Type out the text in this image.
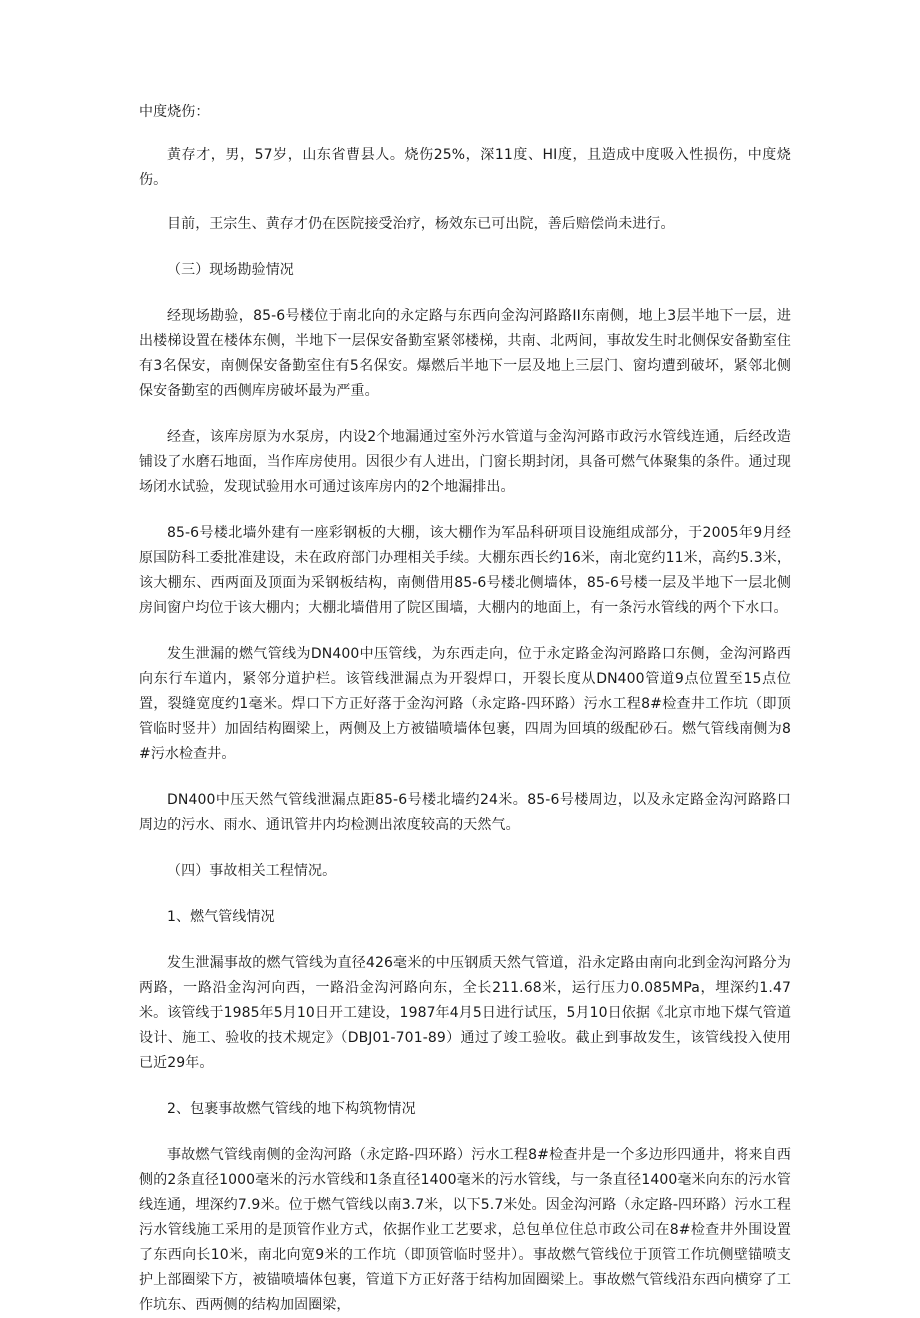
中度烧伤：

黄存才，男，57岁，山东省曹县人。烧伤25%，深11度、HI度，且造成中度吸入性损伤，中度烧伤。

目前，王宗生、黄存才仍在医院接受治疗，杨效东已可出院，善后赔偿尚未进行。

（三）现场勘验情况

经现场勘验，85-6号楼位于南北向的永定路与东西向金沟河路路II东南侧，地上3层半地下一层，进出楼梯设置在楼体东侧，半地下一层保安备勤室紧邻楼梯，共南、北两间，事故发生时北侧保安备勤室住有3名保安，南侧保安备勤室住有5名保安。爆燃后半地下一层及地上三层门、窗均遭到破坏，紧邻北侧保安备勤室的西侧库房破坏最为严重。

经查，该库房原为水泵房，内设2个地漏通过室外污水管道与金沟河路市政污水管线连通，后经改造铺设了水磨石地面，当作库房使用。因很少有人进出，门窗长期封闭，具备可燃气体聚集的条件。通过现场闭水试验，发现试验用水可通过该库房内的2个地漏排出。

85-6号楼北墙外建有一座彩钢板的大棚，该大棚作为军品科研项目设施组成部分，于2005年9月经原国防科工委批准建设，未在政府部门办理相关手续。大棚东西长约16米，南北宽约11米，高约5.3米，该大棚东、西两面及顶面为采钢板结构，南侧借用85-6号楼北侧墙体，85-6号楼一层及半地下一层北侧房间窗户均位于该大棚内；大棚北墙借用了院区围墙，大棚内的地面上，有一条污水管线的两个下水口。

发生泄漏的燃气管线为DN400中压管线，为东西走向，位于永定路金沟河路路口东侧，金沟河路西向东行车道内，紧邻分道护栏。该管线泄漏点为开裂焊口，开裂长度从DN400管道9点位置至15点位置，裂缝宽度约1毫米。焊口下方正好落于金沟河路（永定路-四环路）污水工程8#检查井工作坑（即顶管临时竖井）加固结构圈梁上，两侧及上方被锚喷墙体包裹，四周为回填的级配砂石。燃气管线南侧为8#污水检查井。

DN400中压天然气管线泄漏点距85-6号楼北墙约24米。85-6号楼周边，以及永定路金沟河路路口周边的污水、雨水、通讯管井内均检测出浓度较高的天然气。

（四）事故相关工程情况。

1、燃气管线情况

发生泄漏事故的燃气管线为直径426毫米的中压钢质天然气管道，沿永定路由南向北到金沟河路分为两路，一路沿金沟河向西，一路沿金沟河路向东，全长211.68米，运行压力0.085MPa，埋深约1.47米。该管线于1985年5月10日开工建设，1987年4月5日进行试压，5月10日依据《北京市地下煤气管道设计、施工、验收的技术规定》（DBJ01-701-89）通过了竣工验收。截止到事故发生，该管线投入使用已近29年。

2、包裹事故燃气管线的地下构筑物情况

事故燃气管线南侧的金沟河路（永定路-四环路）污水工程8#检查井是一个多边形四通井，将来自西侧的2条直径1000毫米的污水管线和1条直径1400毫米的污水管线，与一条直径1400毫米向东的污水管线连通，埋深约7.9米。位于燃气管线以南3.7米，以下5.7米处。因金沟河路（永定路-四环路）污水工程污水管线施工采用的是顶管作业方式，依据作业工艺要求，总包单位住总市政公司在8#检查井外围设置了东西向长10米，南北向宽9米的工作坑（即顶管临时竖井）。事故燃气管线位于顶管工作坑侧壁锚喷支护上部圈梁下方，被锚喷墙体包裹，管道下方正好落于结构加固圈梁上。事故燃气管线沿东西向横穿了工作坑东、西两侧的结构加固圈梁，
